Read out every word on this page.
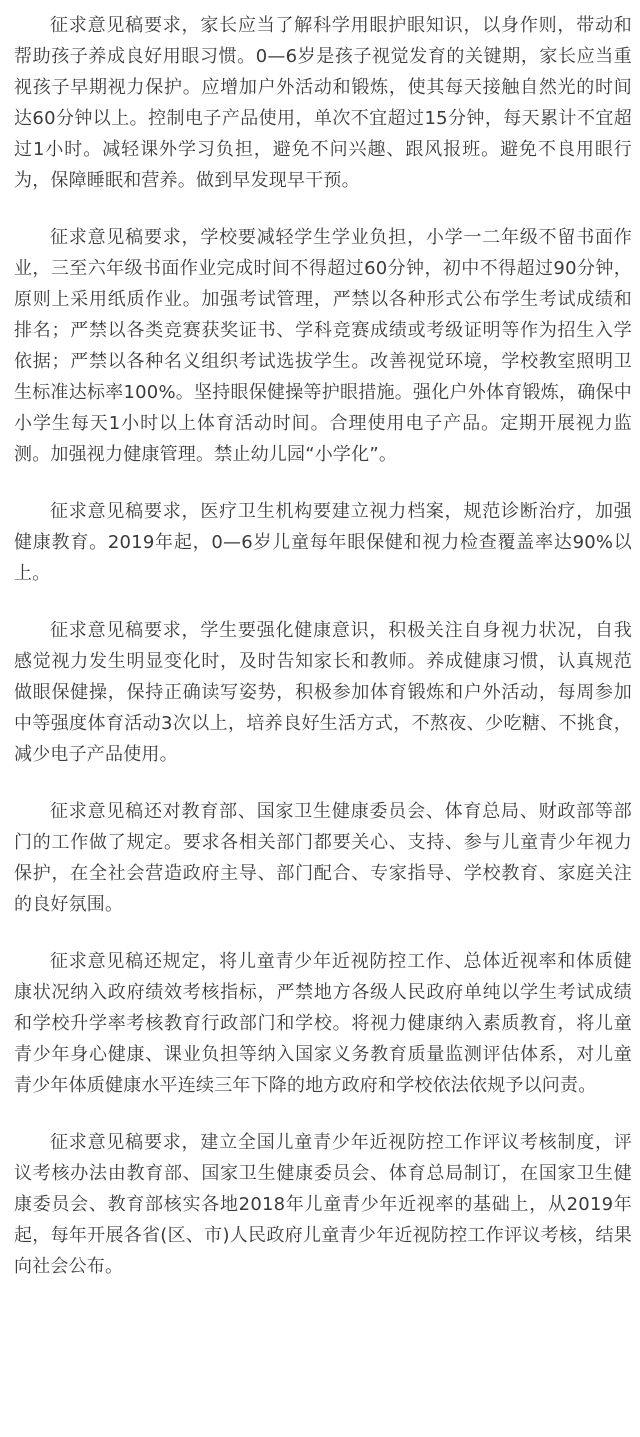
征求意见稿要求，家长应当了解科学用眼护眼知识，以身作则，带动和帮助孩子养成良好用眼习惯。0—6岁是孩子视觉发育的关键期，家长应当重视孩子早期视力保护。应增加户外活动和锻炼，使其每天接触自然光的时间达60分钟以上。控制电子产品使用，单次不宜超过15分钟，每天累计不宜超过1小时。减轻课外学习负担，避免不问兴趣、跟风报班。避免不良用眼行为，保障睡眠和营养。做到早发现早干预。

征求意见稿要求，学校要减轻学生学业负担，小学一二年级不留书面作业，三至六年级书面作业完成时间不得超过60分钟，初中不得超过90分钟，原则上采用纸质作业。加强考试管理，严禁以各种形式公布学生考试成绩和排名；严禁以各类竞赛获奖证书、学科竞赛成绩或考级证明等作为招生入学依据；严禁以各种名义组织考试选拔学生。改善视觉环境，学校教室照明卫生标准达标率100%。坚持眼保健操等护眼措施。强化户外体育锻炼，确保中小学生每天1小时以上体育活动时间。合理使用电子产品。定期开展视力监测。加强视力健康管理。禁止幼儿园“小学化”。

征求意见稿要求，医疗卫生机构要建立视力档案，规范诊断治疗，加强健康教育。2019年起，0—6岁儿童每年眼保健和视力检查覆盖率达90%以上。

征求意见稿要求，学生要强化健康意识，积极关注自身视力状况，自我感觉视力发生明显变化时，及时告知家长和教师。养成健康习惯，认真规范做眼保健操，保持正确读写姿势，积极参加体育锻炼和户外活动，每周参加中等强度体育活动3次以上，培养良好生活方式，不熬夜、少吃糖、不挑食，减少电子产品使用。

征求意见稿还对教育部、国家卫生健康委员会、体育总局、财政部等部门的工作做了规定。要求各相关部门都要关心、支持、参与儿童青少年视力保护，在全社会营造政府主导、部门配合、专家指导、学校教育、家庭关注的良好氛围。

征求意见稿还规定，将儿童青少年近视防控工作、总体近视率和体质健康状况纳入政府绩效考核指标，严禁地方各级人民政府单纯以学生考试成绩和学校升学率考核教育行政部门和学校。将视力健康纳入素质教育，将儿童青少年身心健康、课业负担等纳入国家义务教育质量监测评估体系，对儿童青少年体质健康水平连续三年下降的地方政府和学校依法依规予以问责。

征求意见稿要求，建立全国儿童青少年近视防控工作评议考核制度，评议考核办法由教育部、国家卫生健康委员会、体育总局制订，在国家卫生健康委员会、教育部核实各地2018年儿童青少年近视率的基础上，从2019年起，每年开展各省(区、市)人民政府儿童青少年近视防控工作评议考核，结果向社会公布。
